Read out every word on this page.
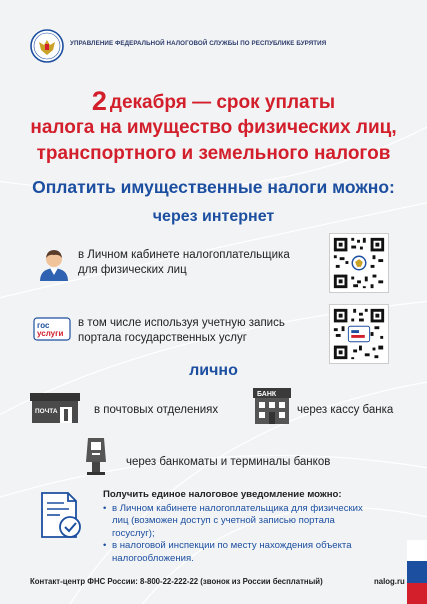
УПРАВЛЕНИЕ ФЕДЕРАЛЬНОЙ НАЛОГОВОЙ СЛУЖБЫ ПО РЕСПУБЛИКЕ БУРЯТИЯ
2 декабря — срок уплаты
налога на имущество физических лиц,
транспортного и земельного налогов
Оплатить имущественные налоги можно:
через интернет
в Личном кабинете налогоплательщика для физических лиц
гос
услуги
в том числе используя учетную запись портала государственных услуг
лично
ПОЧТА	в почтовых отделениях
БАНК
через кассу банка
через банкоматы и терминалы банков
Получить единое налоговое уведомление можно:
• в Личном кабинете налогоплательщика для физических лиц (возможен доступ с учетной записью портала госуслуг);
• в налоговой инспекции по месту нахождения объекта налогообложения.
Контакт-центр ФНС России: 8-800-22-222-22 (звонок из России бесплатный)	nalog.ru
